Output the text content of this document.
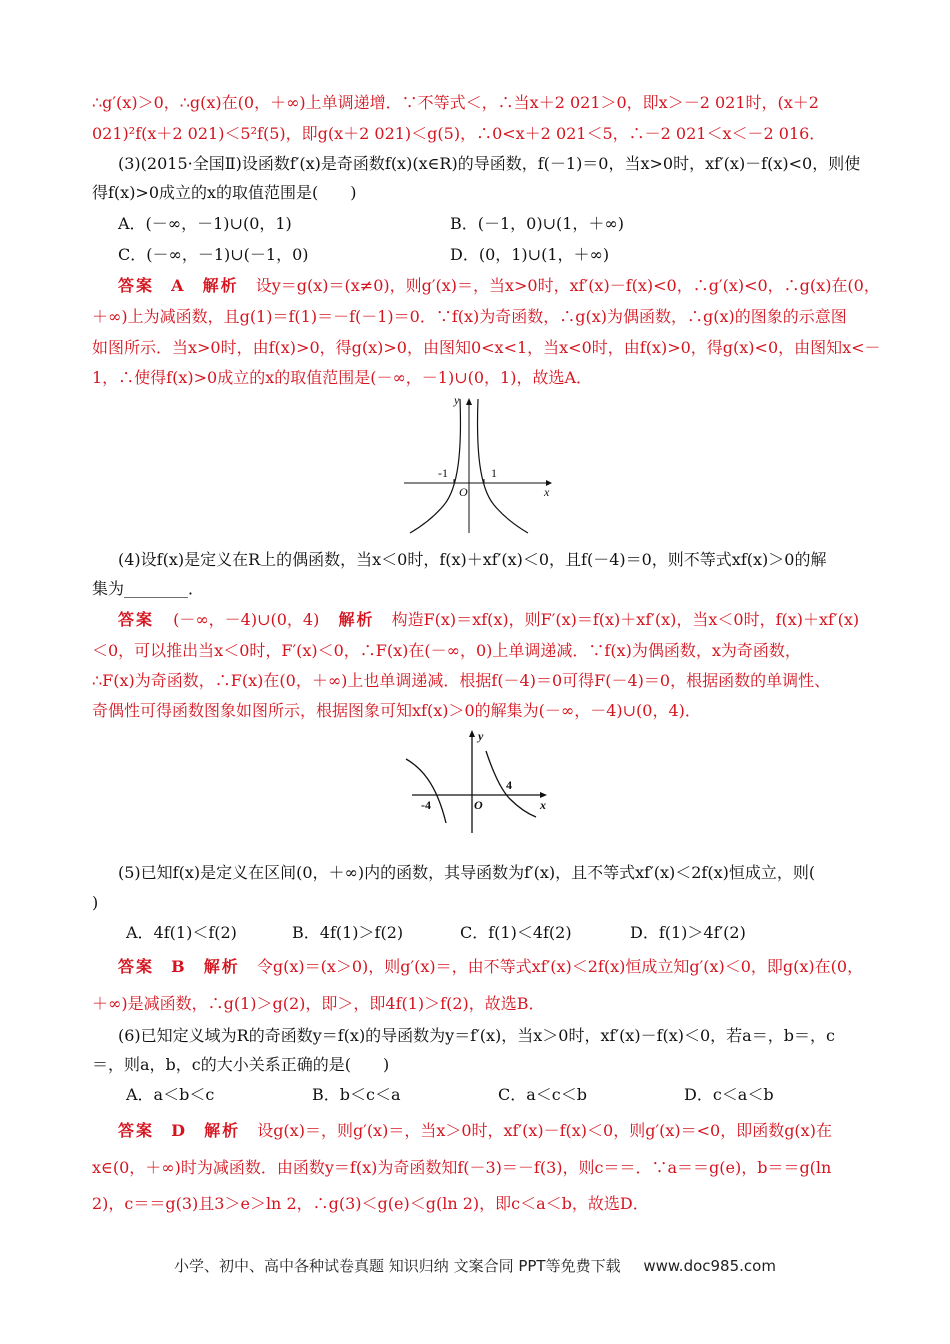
∴g′(x)＞0，∴g(x)在(0，＋∞)上单调递增．∵不等式＜，∴当x＋2 021＞0，即x＞－2 021时，(x＋2
021)²f(x＋2 021)＜5²f(5)，即g(x＋2 021)＜g(5)，∴0<x＋2 021＜5，∴－2 021＜x＜－2 016．
(3)(2015·全国Ⅱ)设函数f′(x)是奇函数f(x)(x∈R)的导函数，f(－1)＝0，当x>0时，xf′(x)－f(x)<0，则使
得f(x)>0成立的x的取值范围是(　　)
A．(－∞，－1)∪(0，1)	B．(－1，0)∪(1，＋∞)
C．(－∞，－1)∪(－1，0)	D．(0，1)∪(1，＋∞)
答案 A 解析 设y＝g(x)＝(x≠0)，则g′(x)＝，当x>0时，xf′(x)－f(x)<0，∴g′(x)<0，∴g(x)在(0，
＋∞)上为减函数，且g(1)＝f(1)＝－f(－1)＝0．∵f(x)为奇函数，∴g(x)为偶函数，∴g(x)的图象的示意图
如图所示．当x>0时，由f(x)>0，得g(x)>0，由图知0<x<1，当x<0时，由f(x)>0，得g(x)<0，由图知x<－
1，∴使得f(x)>0成立的x的取值范围是(－∞，－1)∪(0，1)，故选A．
y
x
O
-1	1
(4)设f(x)是定义在R上的偶函数，当x＜0时，f(x)＋xf′(x)＜0，且f(－4)＝0，则不等式xf(x)＞0的解
集为________．
答案 (－∞，－4)∪(0，4) 解析 构造F(x)＝xf(x)，则F′(x)＝f(x)＋xf′(x)，当x＜0时，f(x)＋xf′(x)
＜0，可以推出当x＜0时，F′(x)＜0，∴F(x)在(－∞，0)上单调递减．∵f(x)为偶函数，x为奇函数，
∴F(x)为奇函数，∴F(x)在(0，＋∞)上也单调递减．根据f(－4)＝0可得F(－4)＝0，根据函数的单调性、
奇偶性可得函数图象如图所示，根据图象可知xf(x)＞0的解集为(－∞，－4)∪(0，4)．
y
x
O
-4
4
(5)已知f(x)是定义在区间(0，＋∞)内的函数，其导函数为f′(x)，且不等式xf′(x)＜2f(x)恒成立，则(
)
A．4f(1)＜f(2)	B．4f(1)＞f(2)	C．f(1)＜4f(2)	D．f(1)＞4f′(2)
答案 B 解析 令g(x)＝(x＞0)，则g′(x)＝，由不等式xf′(x)＜2f(x)恒成立知g′(x)＜0，即g(x)在(0，
＋∞)是减函数，∴g(1)＞g(2)，即＞，即4f(1)＞f(2)，故选B．
(6)已知定义域为R的奇函数y＝f(x)的导函数为y＝f′(x)，当x＞0时，xf′(x)－f(x)＜0，若a＝，b＝，c
＝，则a，b，c的大小关系正确的是(　　)
A．a＜b＜c	B．b＜c＜a	C．a＜c＜b	D．c＜a＜b
答案 D 解析 设g(x)＝，则g′(x)＝，当x＞0时，xf′(x)－f(x)＜0，则g′(x)＝<0，即函数g(x)在
x∈(0，＋∞)时为减函数．由函数y＝f(x)为奇函数知f(－3)＝－f(3)，则c＝＝．∵a＝＝g(e)，b＝＝g(ln
2)，c＝＝g(3)且3＞e＞ln 2，∴g(3)＜g(e)＜g(ln 2)，即c＜a＜b，故选D．
小学、初中、高中各种试卷真题 知识归纳 文案合同 PPT等免费下载 www.doc985.com
